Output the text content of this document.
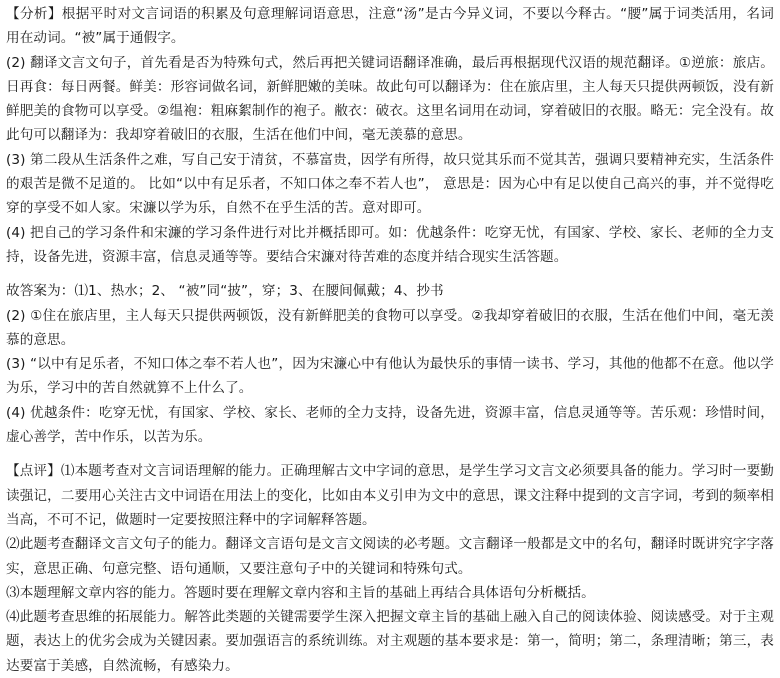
【分析】根据平时对文言词语的积累及句意理解词语意思，注意“汤”是古今异义词，不要以今释古。“腰”属于词类活用，名词用在动词。“被”属于通假字。

(2) 翻译文言文句子，首先看是否为特殊句式，然后再把关键词语翻译准确，最后再根据现代汉语的规范翻译。①逆旅：旅店。日再食：每日两餐。鲜美：形容词做名词，新鲜肥嫩的美味。故此句可以翻译为：住在旅店里，主人每天只提供两顿饭，没有新鲜肥美的食物可以享受。②缊袍：粗麻絮制作的袍子。敝衣：破衣。这里名词用在动词，穿着破旧的衣服。略无：完全没有。故此句可以翻译为：我却穿着破旧的衣服，生活在他们中间，毫无羡慕的意思。

(3) 第二段从生活条件之难，写自己安于清贫，不慕富贵，因学有所得，故只觉其乐而不觉其苦，强调只要精神充实，生活条件的艰苦是微不足道的。 比如“以中有足乐者，不知口体之奉不若人也”， 意思是：因为心中有足以使自己高兴的事，并不觉得吃穿的享受不如人家。宋濂以学为乐，自然不在乎生活的苦。意对即可。

(4) 把自己的学习条件和宋濂的学习条件进行对比并概括即可。如：优越条件：吃穿无忧，有国家、学校、家长、老师的全力支持，设备先进，资源丰富，信息灵通等等。要结合宋濂对待苦难的态度并结合现实生活答题。

故答案为：⑴1、热水；2、 “被”同“披”，穿；3、在腰间佩戴；4、抄书

(2) ①住在旅店里，主人每天只提供两顿饭，没有新鲜肥美的食物可以享受。②我却穿着破旧的衣服，生活在他们中间，毫无羡慕的意思。

(3) “以中有足乐者，不知口体之奉不若人也”，因为宋濂心中有他认为最快乐的事情一读书、学习，其他的他都不在意。他以学为乐，学习中的苦自然就算不上什么了。

(4) 优越条件：吃穿无忧，有国家、学校、家长、老师的全力支持，设备先进，资源丰富，信息灵通等等。苦乐观：珍惜时间，虚心善学，苦中作乐，以苦为乐。

【点评】⑴本题考查对文言词语理解的能力。正确理解古文中字词的意思，是学生学习文言文必须要具备的能力。学习时一要勤读强记，二要用心关注古文中词语在用法上的变化，比如由本义引申为文中的意思，课文注释中提到的文言字词，考到的频率相当高，不可不记，做题时一定要按照注释中的字词解释答题。

⑵此题考查翻译文言文句子的能力。翻译文言语句是文言文阅读的必考题。文言翻译一般都是文中的名句，翻译时既讲究字字落实，意思正确、句意完整、语句通顺，又要注意句子中的关键词和特殊句式。

⑶本题理解文章内容的能力。答题时要在理解文章内容和主旨的基础上再结合具体语句分析概括。

⑷此题考查思维的拓展能力。解答此类题的关键需要学生深入把握文章主旨的基础上融入自己的阅读体验、阅读感受。对于主观题，表达上的优劣会成为关键因素。要加强语言的系统训练。对主观题的基本要求是：第一，简明；第二，条理清晰；第三，表达要富于美感，自然流畅，有感染力。
